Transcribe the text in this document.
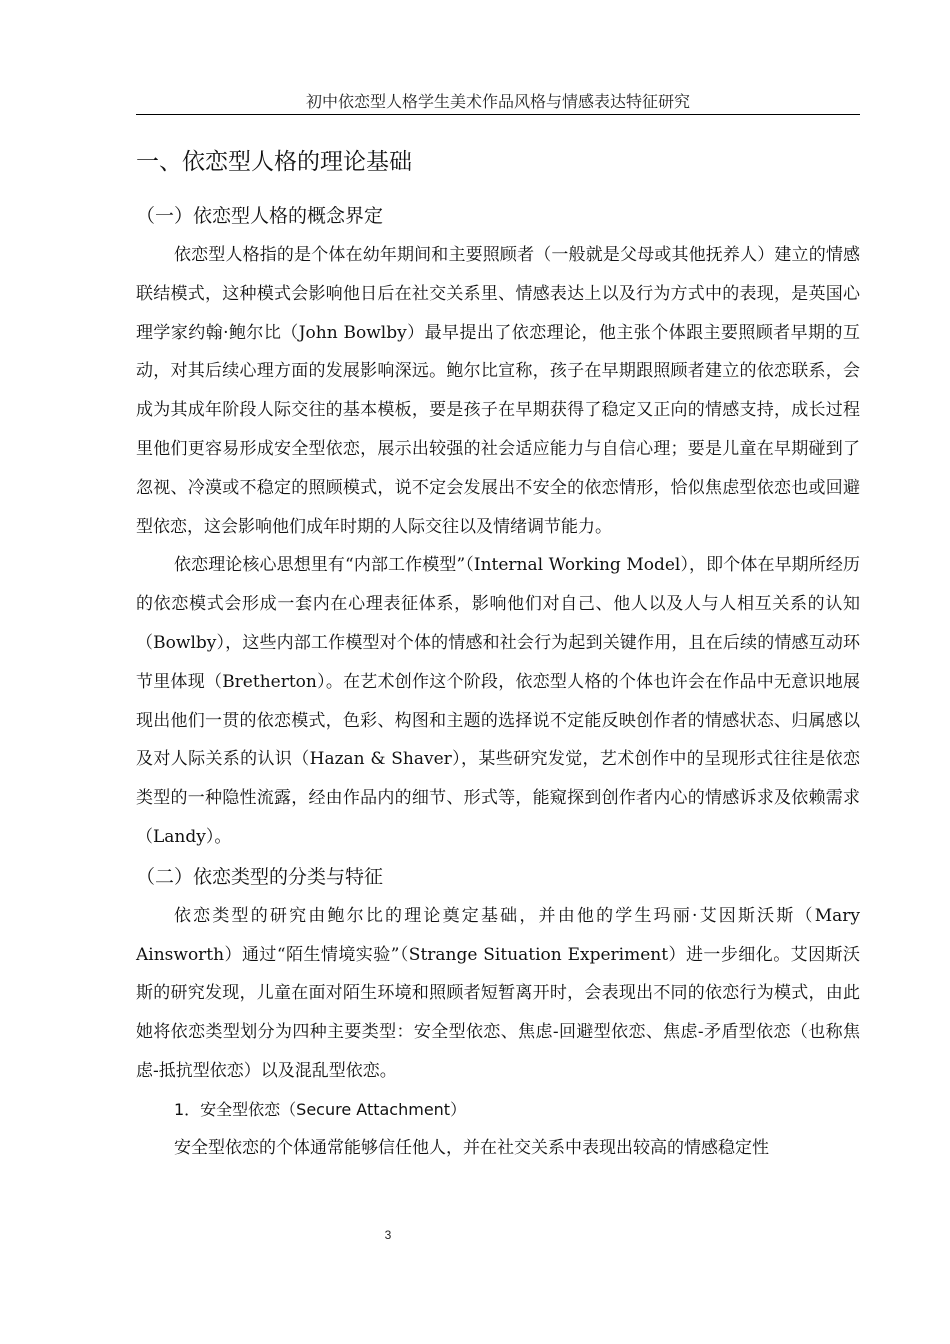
初中依恋型人格学生美术作品风格与情感表达特征研究
一、依恋型人格的理论基础
（一）依恋型人格的概念界定

依恋型人格指的是个体在幼年期间和主要照顾者（一般就是父母或其他抚养人）建立的情感联结模式，这种模式会影响他日后在社交关系里、情感表达上以及行为方式中的表现，是英国心理学家约翰·鲍尔比（John Bowlby）最早提出了依恋理论，他主张个体跟主要照顾者早期的互动，对其后续心理方面的发展影响深远。鲍尔比宣称，孩子在早期跟照顾者建立的依恋联系，会成为其成年阶段人际交往的基本模板，要是孩子在早期获得了稳定又正向的情感支持，成长过程里他们更容易形成安全型依恋，展示出较强的社会适应能力与自信心理；要是儿童在早期碰到了忽视、冷漠或不稳定的照顾模式，说不定会发展出不安全的依恋情形，恰似焦虑型依恋也或回避型依恋，这会影响他们成年时期的人际交往以及情绪调节能力。

依恋理论核心思想里有“内部工作模型”（Internal Working Model），即个体在早期所经历的依恋模式会形成一套内在心理表征体系，影响他们对自己、他人以及人与人相互关系的认知（Bowlby），这些内部工作模型对个体的情感和社会行为起到关键作用，且在后续的情感互动环节里体现（Bretherton）。在艺术创作这个阶段，依恋型人格的个体也许会在作品中无意识地展现出他们一贯的依恋模式，色彩、构图和主题的选择说不定能反映创作者的情感状态、归属感以及对人际关系的认识（Hazan & Shaver），某些研究发觉，艺术创作中的呈现形式往往是依恋类型的一种隐性流露，经由作品内的细节、形式等，能窥探到创作者内心的情感诉求及依赖需求（Landy）。

（二）依恋类型的分类与特征

依恋类型的研究由鲍尔比的理论奠定基础，并由他的学生玛丽·艾因斯沃斯（Mary Ainsworth）通过“陌生情境实验”（Strange Situation Experiment）进一步细化。艾因斯沃斯的研究发现，儿童在面对陌生环境和照顾者短暂离开时，会表现出不同的依恋行为模式，由此她将依恋类型划分为四种主要类型：安全型依恋、焦虑-回避型依恋、焦虑-矛盾型依恋（也称焦虑-抵抗型依恋）以及混乱型依恋。

1．安全型依恋（Secure Attachment）

安全型依恋的个体通常能够信任他人，并在社交关系中表现出较高的情感稳定性

3
